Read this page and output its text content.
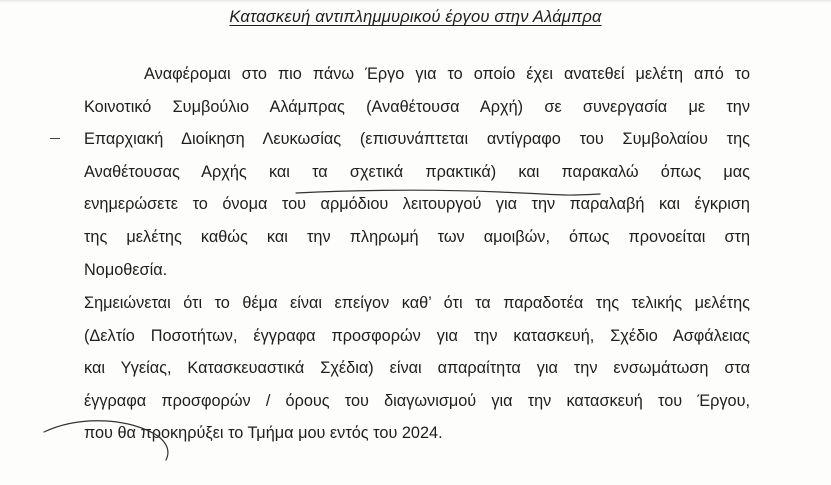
Κατασκευή αντιπλημμυρικού έργου στην Αλάμπρα
Αναφέρομαι στο πιο πάνω Έργο για το οποίο έχει ανατεθεί μελέτη από το
Κοινοτικό Συμβούλιο Αλάμπρας (Αναθέτουσα Αρχή) σε συνεργασία με την
Επαρχιακή Διοίκηση Λευκωσίας (επισυνάπτεται αντίγραφο του Συμβολαίου της
Αναθέτουσας Αρχής και τα σχετικά πρακτικά) και παρακαλώ όπως μας
ενημερώσετε το όνομα του αρμόδιου λειτουργού για την παραλαβή και έγκριση
της μελέτης καθώς και την πληρωμή των αμοιβών, όπως προνοείται στη
Νομοθεσία.
Σημειώνεται ότι το θέμα είναι επείγον καθ’ ότι τα παραδοτέα της τελικής μελέτης
(Δελτίο Ποσοτήτων, έγγραφα προσφορών για την κατασκευή, Σχέδιο Ασφάλειας
και Υγείας, Κατασκευαστικά Σχέδια) είναι απαραίτητα για την ενσωμάτωση στα
έγγραφα προσφορών / όρους του διαγωνισμού για την κατασκευή του Έργου,
που θα προκηρύξει το Τμήμα μου εντός του 2024.
